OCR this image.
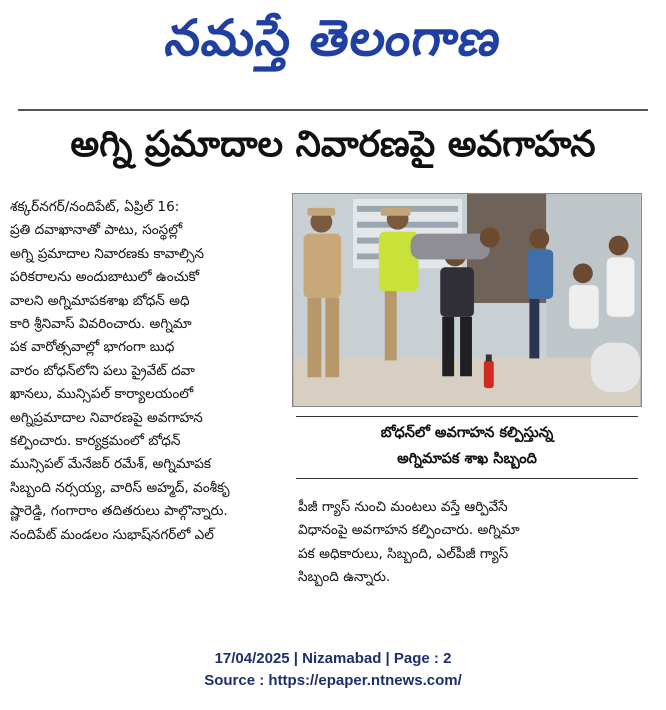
నమస్తే తెలంగాణ
అగ్ని ప్రమాదాల నివారణపై అవగాహన

శక్కర్‌నగర్/నందిపేట్, ఏప్రిల్ 16:

ప్రతి దవాఖానాతో పాటు, సంస్థల్లో

అగ్ని ప్రమాదాల నివారణకు కావాల్సిన

పరికరాలను అందుబాటులో ఉంచుకో

వాలని అగ్నిమాపకశాఖ బోధన్ అధి

కారి శ్రీనివాస్ వివరించారు. అగ్నిమా

పక వారోత్సవాల్లో భాగంగా బుధ

వారం బోధన్‌లోని పలు ప్రైవేట్ దవా

ఖానలు, మున్సిపల్ కార్యాలయంలో

అగ్నిప్రమాదాల నివారణపై అవగాహన

కల్పించారు. కార్యక్రమంలో బోధన్

మున్సిపల్ మేనేజర్ రమేశ్, అగ్నిమాపక

సిబ్బంది నర్సయ్య, వారిస్ అహ్మద్, వంశీకృ

ష్ణారెడ్డి, గంగారాం తదితరులు పాల్గొన్నారు.

నందిపేట్ మండలం సుభాష్‌నగర్‌లో ఎల్

బోధన్‌లో అవగాహన కల్పిస్తున్న

అగ్నిమాపక శాఖ సిబ్బంది

పీజీ గ్యాస్ నుంచి మంటలు వస్తే ఆర్పివేసే

విధానంపై అవగాహన కల్పించారు. అగ్నిమా

పక అధికారులు, సిబ్బంది, ఎల్‌పీజీ గ్యాస్

సిబ్బంది ఉన్నారు.

17/04/2025 | Nizamabad | Page : 2

Source : https://epaper.ntnews.com/
